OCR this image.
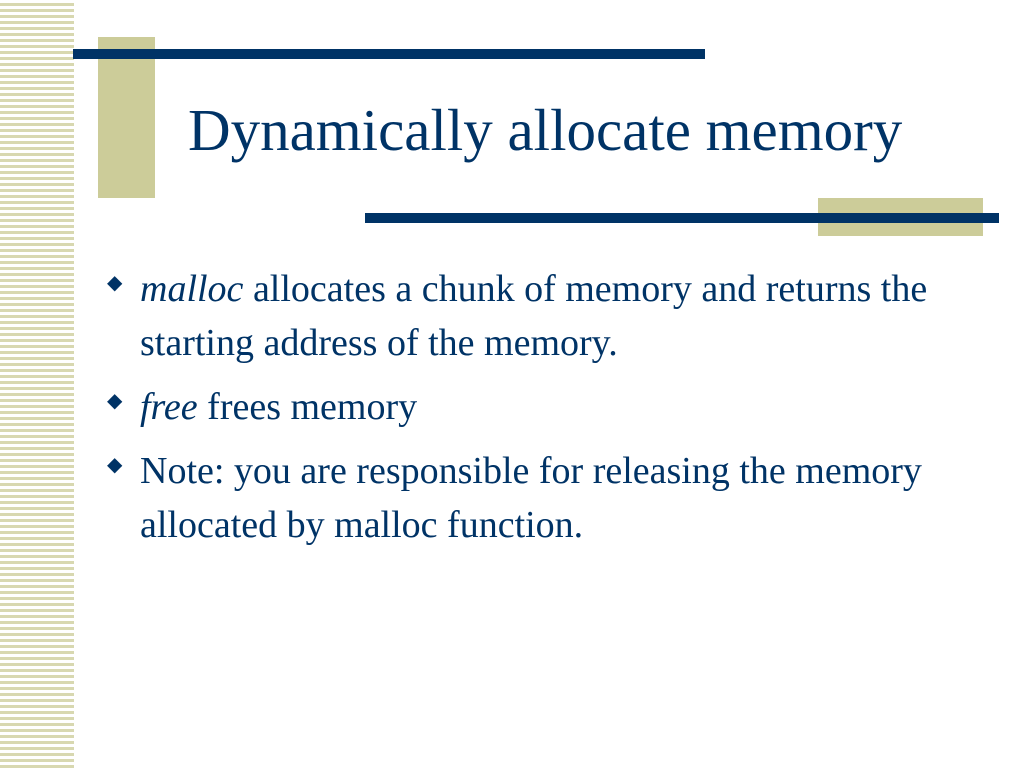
Dynamically allocate memory
◆ malloc allocates a chunk of memory and returns the starting address of the memory.
◆ free frees memory
◆ Note: you are responsible for releasing the memory allocated by malloc function.
